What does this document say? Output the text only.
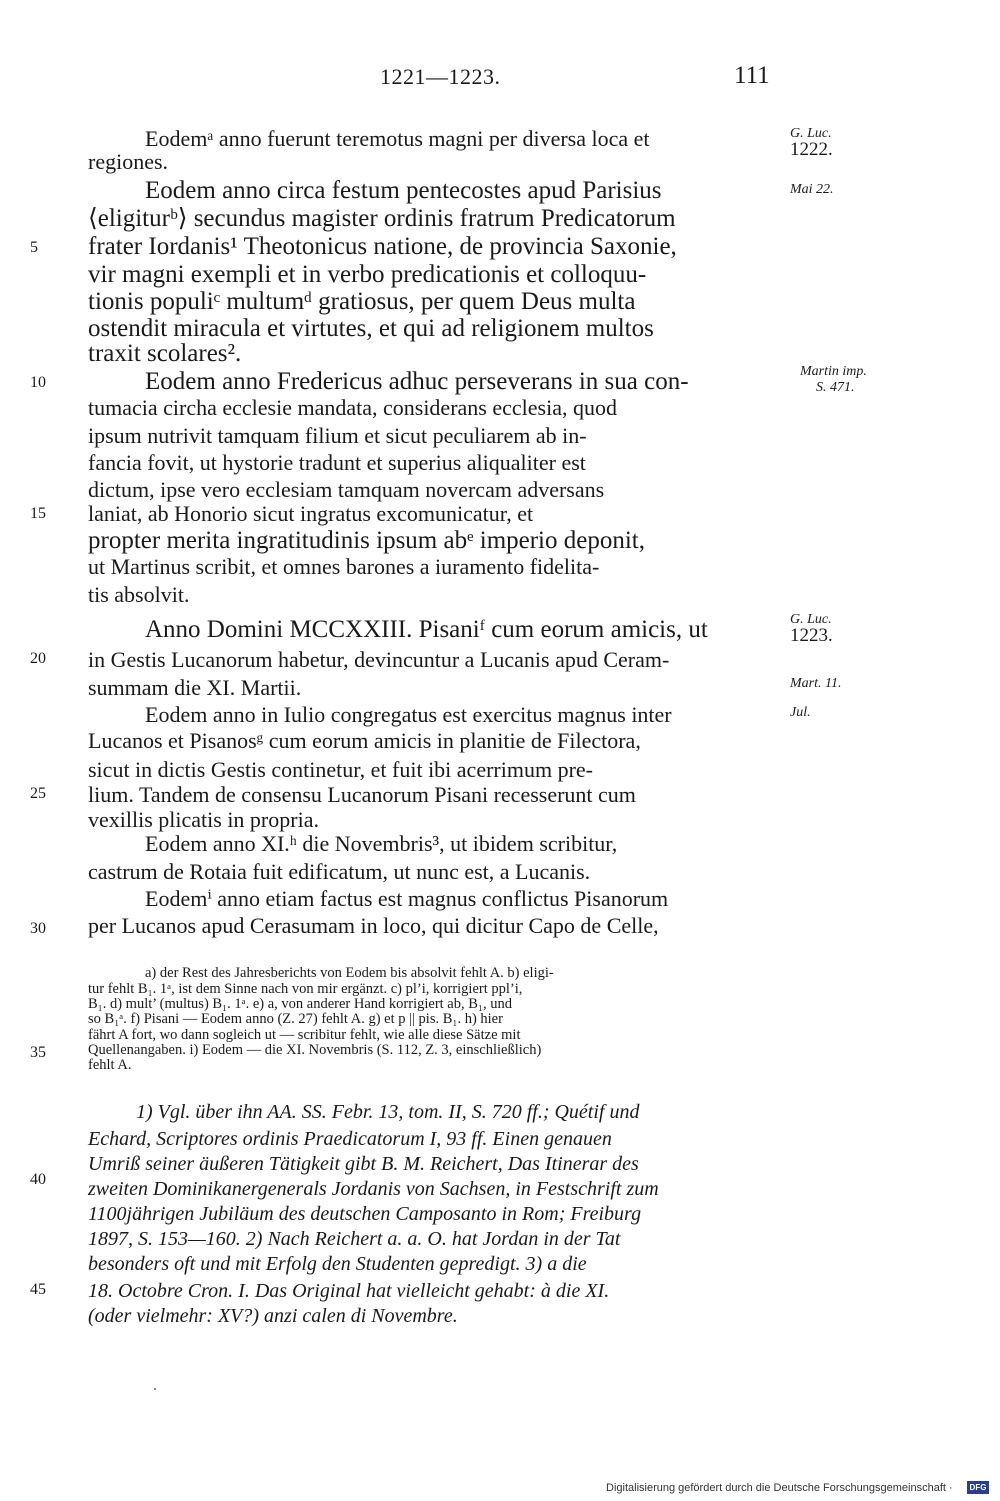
1221—1223.	111
Eodemᵃ anno fuerunt teremotus magni per diversa loca et
regiones.
Eodem anno circa festum pentecostes apud Parisius
⟨eligiturᵇ⟩ secundus magister ordinis fratrum Predicatorum
frater Iordanis¹ Theotonicus natione, de provincia Saxonie,
vir magni exempli et in verbo predicationis et colloquu-
tionis populiᶜ multumᵈ gratiosus, per quem Deus multa
ostendit miracula et virtutes, et qui ad religionem multos
traxit scolares².
Eodem anno Fredericus adhuc perseverans in sua con-
tumacia circha ecclesie mandata, considerans ecclesia, quod
ipsum nutrivit tamquam filium et sicut peculiarem ab in-
fancia fovit, ut hystorie tradunt et superius aliqualiter est
dictum, ipse vero ecclesiam tamquam novercam adversans
laniat, ab Honorio sicut ingratus excomunicatur, et
propter merita ingratitudinis ipsum abᵉ imperio deponit,
ut Martinus scribit, et omnes barones a iuramento fidelita-
tis absolvit.
Anno Domini MCCXXIII. Pisaniᶠ cum eorum amicis, ut
in Gestis Lucanorum habetur, devincuntur a Lucanis apud Ceram-
summam die XI. Martii.
Eodem anno in Iulio congregatus est exercitus magnus inter
Lucanos et Pisanosᵍ cum eorum amicis in planitie de Filectora,
sicut in dictis Gestis continetur, et fuit ibi acerrimum pre-
lium. Tandem de consensu Lucanorum Pisani recesserunt cum
vexillis plicatis in propria.
Eodem anno XI.ʰ die Novembris³, ut ibidem scribitur,
castrum de Rotaia fuit edificatum, ut nunc est, a Lucanis.
Eodemⁱ anno etiam factus est magnus conflictus Pisanorum
per Lucanos apud Cerasumam in loco, qui dicitur Capo de Celle,
5
10
15
20
25
30
35
40
45
G. Luc.
1222.
Mai 22.
Martin imp.
S. 471.
G. Luc.
1223.
Mart. 11.
Jul.
a) der Rest des Jahresberichts von Eodem bis absolvit fehlt A. b) eligi-
tur fehlt B₁. 1ᵃ, ist dem Sinne nach von mir ergänzt. c) pl’i, korrigiert ppl’i,
B₁. d) mult’ (multus) B₁. 1ᵃ. e) a, von anderer Hand korrigiert ab, B₁, und
so B₁ᵃ. f) Pisani — Eodem anno (Z. 27) fehlt A. g) et p || pis. B₁. h) hier
fährt A fort, wo dann sogleich ut — scribitur fehlt, wie alle diese Sätze mit
Quellenangaben. i) Eodem — die XI. Novembris (S. 112, Z. 3, einschließlich)
fehlt A.
1) Vgl. über ihn AA. SS. Febr. 13, tom. II, S. 720 ff.; Quétif und
Echard, Scriptores ordinis Praedicatorum I, 93 ff. Einen genauen
Umriß seiner äußeren Tätigkeit gibt B. M. Reichert, Das Itinerar des
zweiten Dominikanergenerals Jordanis von Sachsen, in Festschrift zum
1100jährigen Jubiläum des deutschen Camposanto in Rom; Freiburg
1897, S. 153—160. 2) Nach Reichert a. a. O. hat Jordan in der Tat
besonders oft und mit Erfolg den Studenten gepredigt. 3) a die
18. Octobre Cron. I. Das Original hat vielleicht gehabt: à die XI.
(oder vielmehr: XV?) anzi calen di Novembre.
Digitalisierung gefördert durch die Deutsche Forschungsgemeinschaft ·	DFG
